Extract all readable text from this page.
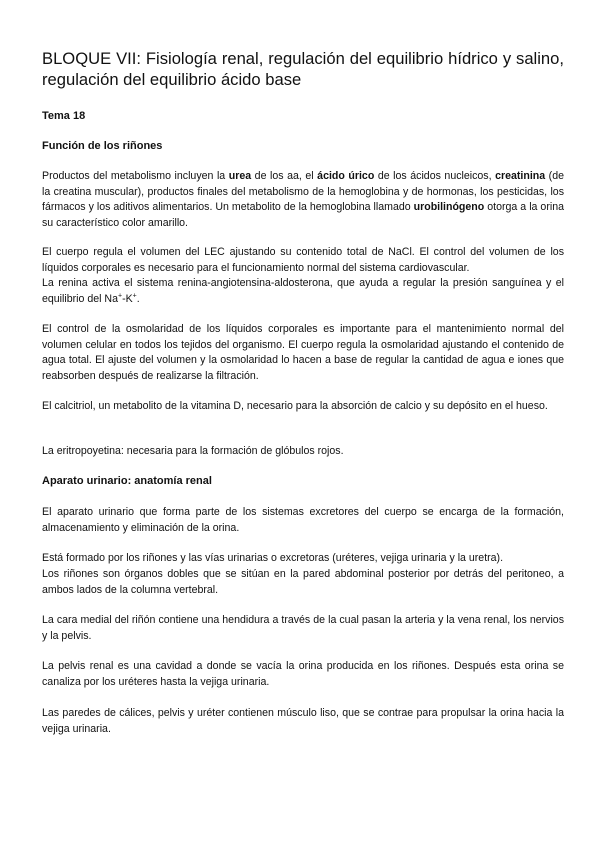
BLOQUE VII: Fisiología renal, regulación del equilibrio hídrico y salino, regulación del equilibrio ácido base

Tema 18

Función de los riñones

Productos del metabolismo incluyen la urea de los aa, el ácido úrico de los ácidos nucleicos, creatinina (de la creatina muscular), productos finales del metabolismo de la hemoglobina y de hormonas, los pesticidas, los fármacos y los aditivos alimentarios. Un metabolito de la hemoglobina llamado urobilinógeno otorga a la orina su característico color amarillo.

El cuerpo regula el volumen del LEC ajustando su contenido total de NaCl. El control del volumen de los líquidos corporales es necesario para el funcionamiento normal del sistema cardiovascular.

La renina activa el sistema renina-angiotensina-aldosterona, que ayuda a regular la presión sanguínea y el equilibrio del Na+-K+.

El control de la osmolaridad de los líquidos corporales es importante para el mantenimiento normal del volumen celular en todos los tejidos del organismo. El cuerpo regula la osmolaridad ajustando el contenido de agua total. El ajuste del volumen y la osmolaridad lo hacen a base de regular la cantidad de agua e iones que reabsorben después de realizarse la filtración.

El calcitriol, un metabolito de la vitamina D, necesario para la absorción de calcio y su depósito en el hueso.

La eritropoyetina: necesaria para la formación de glóbulos rojos.

Aparato urinario: anatomía renal

El aparato urinario que forma parte de los sistemas excretores del cuerpo se encarga de la formación, almacenamiento y eliminación de la orina.

Está formado por los riñones y las vías urinarias o excretoras (uréteres, vejiga urinaria y la uretra).

Los riñones son órganos dobles que se sitúan en la pared abdominal posterior por detrás del peritoneo, a ambos lados de la columna vertebral.

La cara medial del riñón contiene una hendidura a través de la cual pasan la arteria y la vena renal, los nervios y la pelvis.

La pelvis renal es una cavidad a donde se vacía la orina producida en los riñones. Después esta orina se canaliza por los uréteres hasta la vejiga urinaria.

Las paredes de cálices, pelvis y uréter contienen músculo liso, que se contrae para propulsar la orina hacia la vejiga urinaria.
